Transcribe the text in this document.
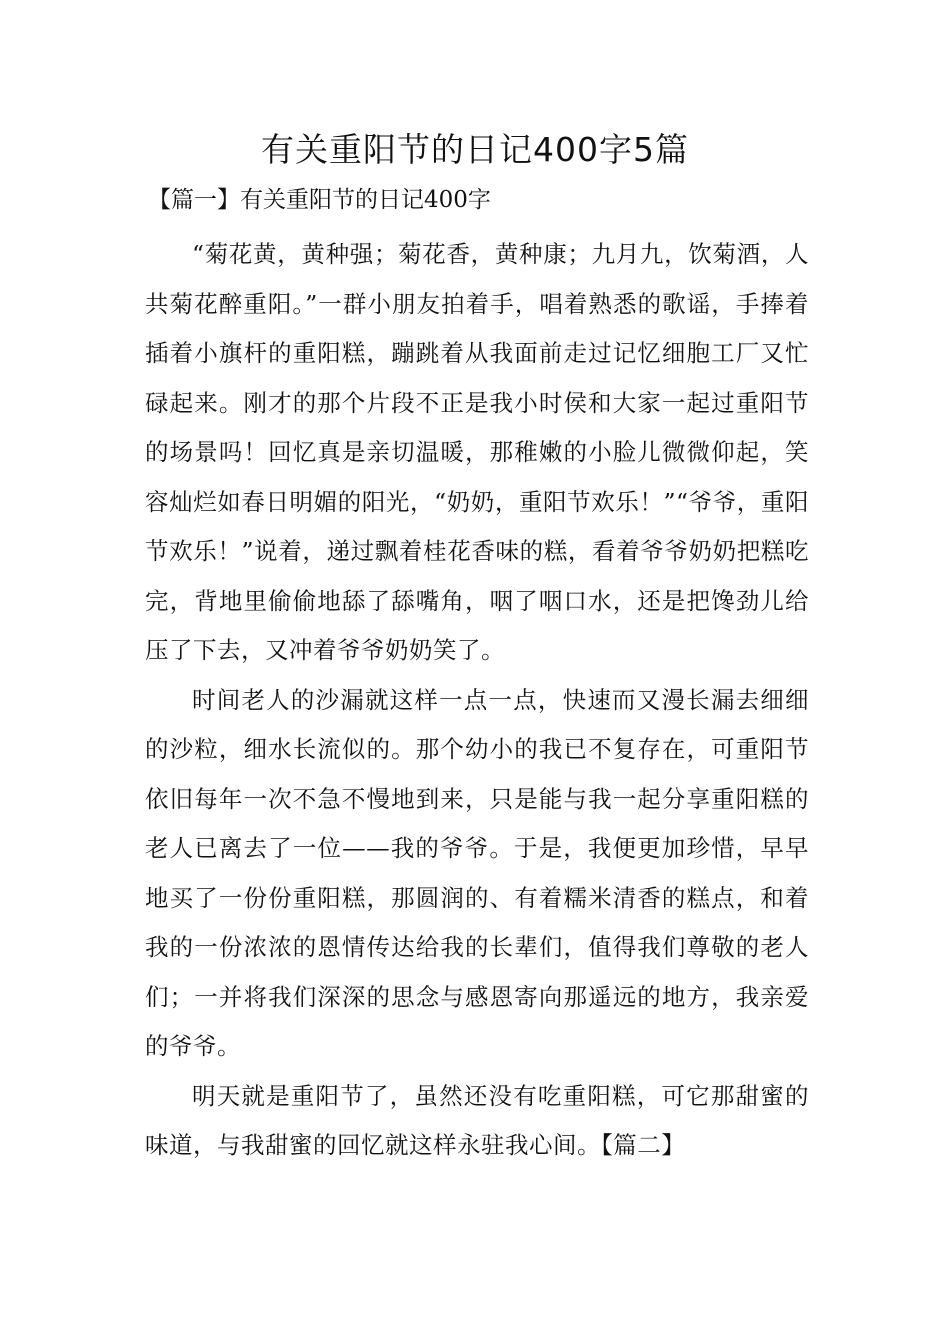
有关重阳节的日记400字5篇

【篇一】有关重阳节的日记400字

“菊花黄，黄种强；菊花香，黄种康；九月九，饮菊酒，人共菊花醉重阳。”一群小朋友拍着手，唱着熟悉的歌谣，手捧着插着小旗杆的重阳糕，蹦跳着从我面前走过记忆细胞工厂又忙碌起来。刚才的那个片段不正是我小时侯和大家一起过重阳节的场景吗！回忆真是亲切温暖，那稚嫩的小脸儿微微仰起，笑容灿烂如春日明媚的阳光，“奶奶，重阳节欢乐！”“爷爷，重阳节欢乐！”说着，递过飘着桂花香味的糕，看着爷爷奶奶把糕吃完，背地里偷偷地舔了舔嘴角，咽了咽口水，还是把馋劲儿给压了下去，又冲着爷爷奶奶笑了。

时间老人的沙漏就这样一点一点，快速而又漫长漏去细细的沙粒，细水长流似的。那个幼小的我已不复存在，可重阳节依旧每年一次不急不慢地到来，只是能与我一起分享重阳糕的老人已离去了一位——我的爷爷。于是，我便更加珍惜，早早地买了一份份重阳糕，那圆润的、有着糯米清香的糕点，和着我的一份浓浓的恩情传达给我的长辈们，值得我们尊敬的老人们；一并将我们深深的思念与感恩寄向那遥远的地方，我亲爱的爷爷。

明天就是重阳节了，虽然还没有吃重阳糕，可它那甜蜜的味道，与我甜蜜的回忆就这样永驻我心间。【篇二】
